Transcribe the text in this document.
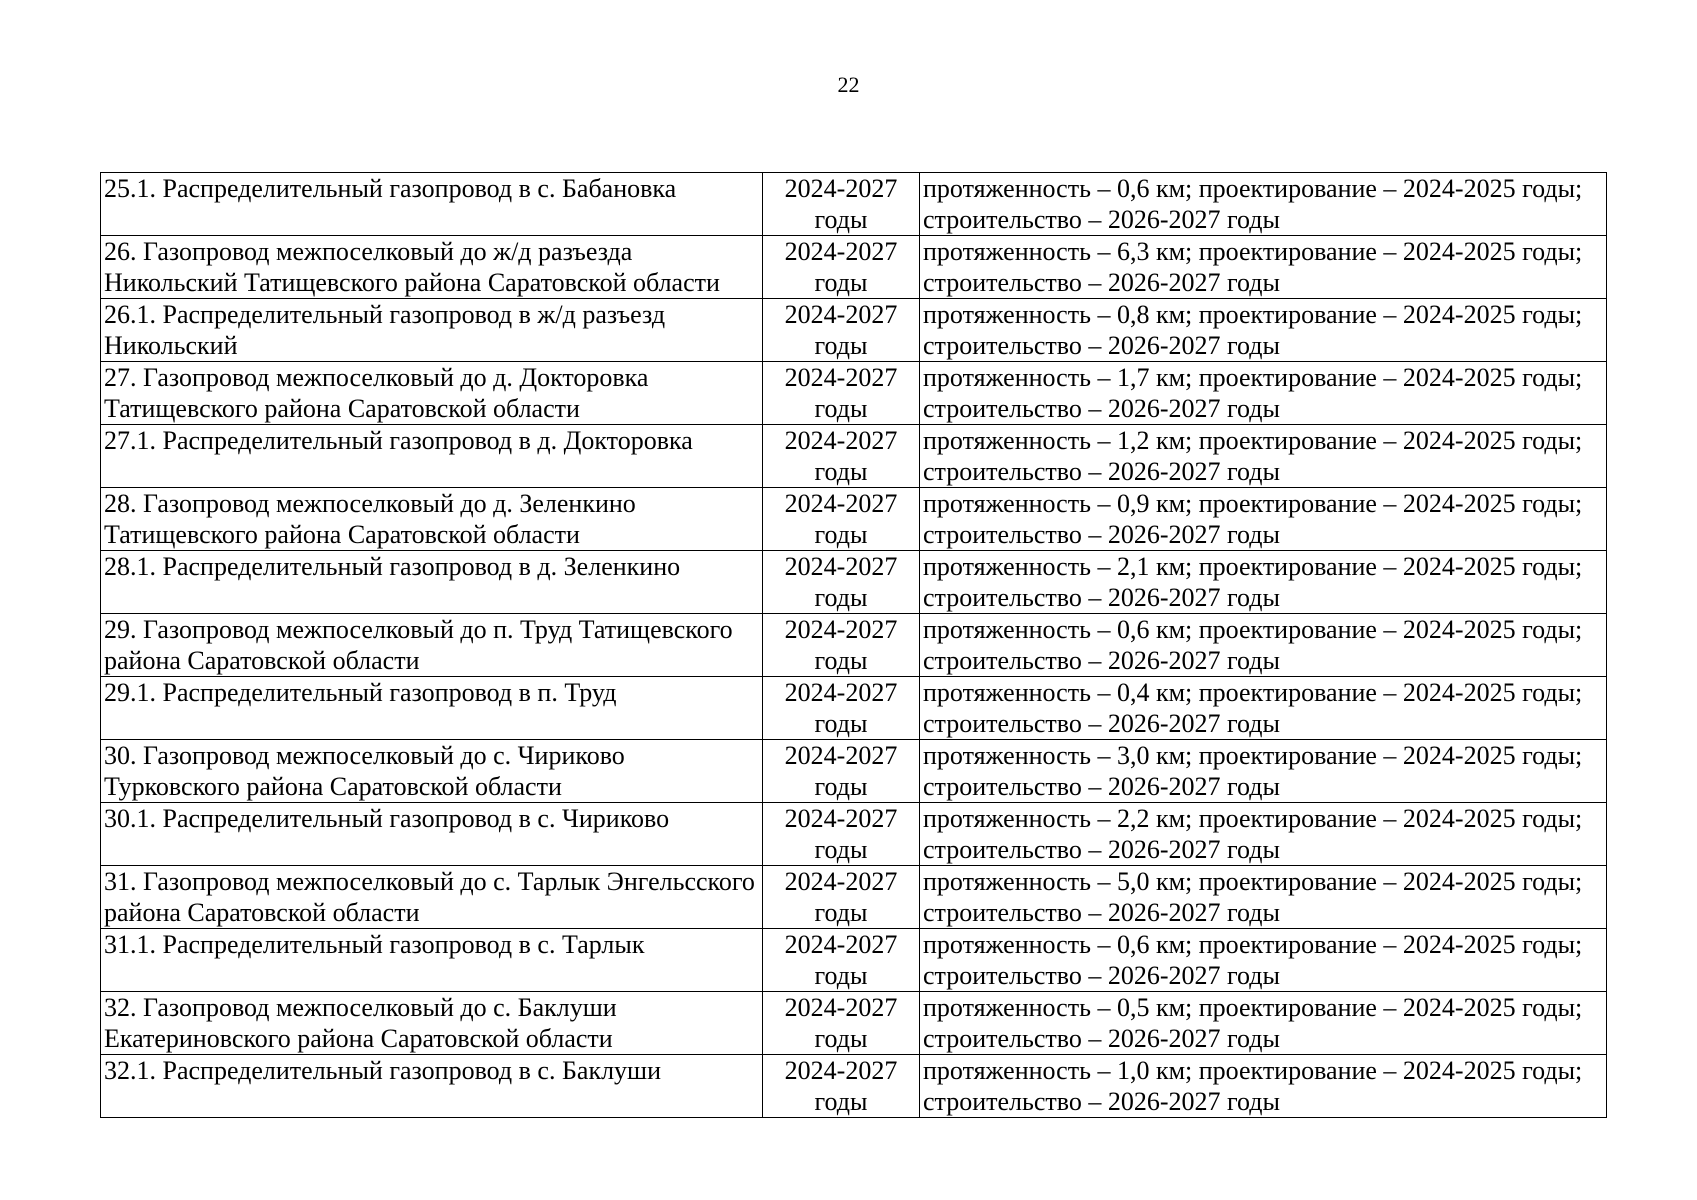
22
25.1. Распределительный газопровод в с. Бабановка	2024-2027 годы	протяженность – 0,6 км; проектирование – 2024-2025 годы; строительство – 2026-2027 годы
26. Газопровод межпоселковый до ж/д разъезда Никольский Татищевского района Саратовской области	2024-2027 годы	протяженность – 6,3 км; проектирование – 2024-2025 годы; строительство – 2026-2027 годы
26.1. Распределительный газопровод в ж/д разъезд Никольский	2024-2027 годы	протяженность – 0,8 км; проектирование – 2024-2025 годы; строительство – 2026-2027 годы
27. Газопровод межпоселковый до д. Докторовка Татищевского района Саратовской области	2024-2027 годы	протяженность – 1,7 км; проектирование – 2024-2025 годы; строительство – 2026-2027 годы
27.1. Распределительный газопровод в д. Докторовка	2024-2027 годы	протяженность – 1,2 км; проектирование – 2024-2025 годы; строительство – 2026-2027 годы
28. Газопровод межпоселковый до д. Зеленкино Татищевского района Саратовской области	2024-2027 годы	протяженность – 0,9 км; проектирование – 2024-2025 годы; строительство – 2026-2027 годы
28.1. Распределительный газопровод в д. Зеленкино	2024-2027 годы	протяженность – 2,1 км; проектирование – 2024-2025 годы; строительство – 2026-2027 годы
29. Газопровод межпоселковый до п. Труд Татищевского района Саратовской области	2024-2027 годы	протяженность – 0,6 км; проектирование – 2024-2025 годы; строительство – 2026-2027 годы
29.1. Распределительный газопровод в п. Труд	2024-2027 годы	протяженность – 0,4 км; проектирование – 2024-2025 годы; строительство – 2026-2027 годы
30. Газопровод межпоселковый до с. Чириково Турковского района Саратовской области	2024-2027 годы	протяженность – 3,0 км; проектирование – 2024-2025 годы; строительство – 2026-2027 годы
30.1. Распределительный газопровод в с. Чириково	2024-2027 годы	протяженность – 2,2 км; проектирование – 2024-2025 годы; строительство – 2026-2027 годы
31. Газопровод межпоселковый до с. Тарлык Энгельсского района Саратовской области	2024-2027 годы	протяженность – 5,0 км; проектирование – 2024-2025 годы; строительство – 2026-2027 годы
31.1. Распределительный газопровод в с. Тарлык	2024-2027 годы	протяженность – 0,6 км; проектирование – 2024-2025 годы; строительство – 2026-2027 годы
32. Газопровод межпоселковый до с. Баклуши Екатериновского района Саратовской области	2024-2027 годы	протяженность – 0,5 км; проектирование – 2024-2025 годы; строительство – 2026-2027 годы
32.1. Распределительный газопровод в с. Баклуши	2024-2027 годы	протяженность – 1,0 км; проектирование – 2024-2025 годы; строительство – 2026-2027 годы
